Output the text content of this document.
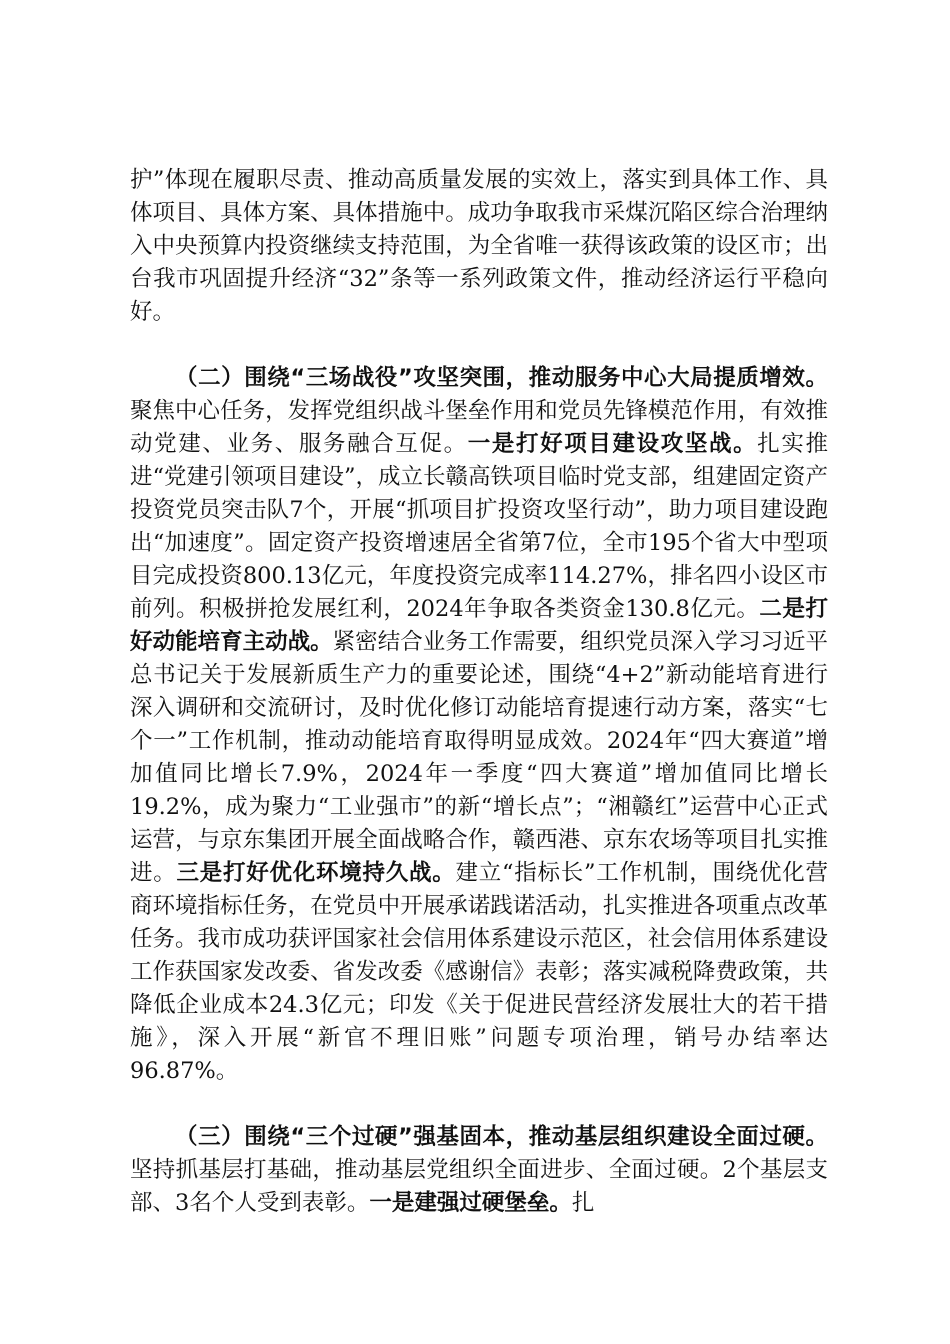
护”体现在履职尽责、推动高质量发展的实效上，落实到具体工作、具体项目、具体方案、具体措施中。成功争取我市采煤沉陷区综合治理纳入中央预算内投资继续支持范围，为全省唯一获得该政策的设区市；出台我市巩固提升经济“32”条等一系列政策文件，推动经济运行平稳向好。

（二）围绕“三场战役”攻坚突围，推动服务中心大局提质增效。聚焦中心任务，发挥党组织战斗堡垒作用和党员先锋模范作用，有效推动党建、业务、服务融合互促。一是打好项目建设攻坚战。扎实推进“党建引领项目建设”，成立长赣高铁项目临时党支部，组建固定资产投资党员突击队7个，开展“抓项目扩投资攻坚行动”，助力项目建设跑出“加速度”。固定资产投资增速居全省第7位，全市195个省大中型项目完成投资800.13亿元，年度投资完成率114.27%，排名四小设区市前列。积极拼抢发展红利，2024年争取各类资金130.8亿元。二是打好动能培育主动战。紧密结合业务工作需要，组织党员深入学习习近平总书记关于发展新质生产力的重要论述，围绕“4+2”新动能培育进行深入调研和交流研讨，及时优化修订动能培育提速行动方案，落实“七个一”工作机制，推动动能培育取得明显成效。2024年“四大赛道”增加值同比增长7.9%，2024年一季度“四大赛道”增加值同比增长19.2%，成为聚力“工业强市”的新“增长点”；“湘赣红”运营中心正式运营，与京东集团开展全面战略合作，赣西港、京东农场等项目扎实推进。三是打好优化环境持久战。建立“指标长”工作机制，围绕优化营商环境指标任务，在党员中开展承诺践诺活动，扎实推进各项重点改革任务。我市成功获评国家社会信用体系建设示范区，社会信用体系建设工作获国家发改委、省发改委《感谢信》表彰；落实减税降费政策，共降低企业成本24.3亿元；印发《关于促进民营经济发展壮大的若干措施》，深入开展“新官不理旧账”问题专项治理，销号办结率达96.87%。

（三）围绕“三个过硬”强基固本，推动基层组织建设全面过硬。坚持抓基层打基础，推动基层党组织全面进步、全面过硬。2个基层支部、3名个人受到表彰。一是建强过硬堡垒。扎
